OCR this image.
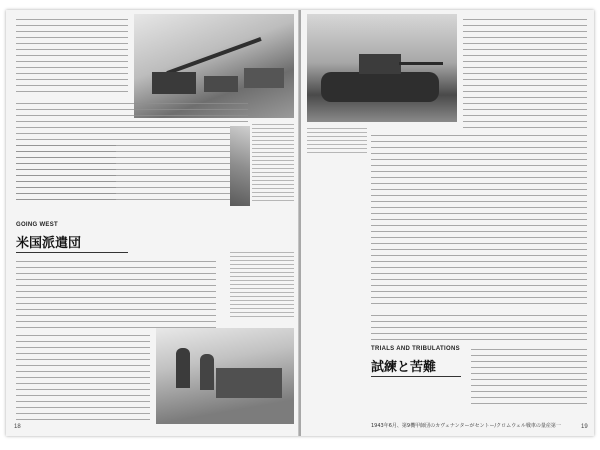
GOING WEST
米国派遣団
18
TRIALS AND TRIBULATIONS
試練と苦難
1943年6月、第9機甲師団のカヴェナンターがセントー/クロムウェル戦車の量産第一	19
